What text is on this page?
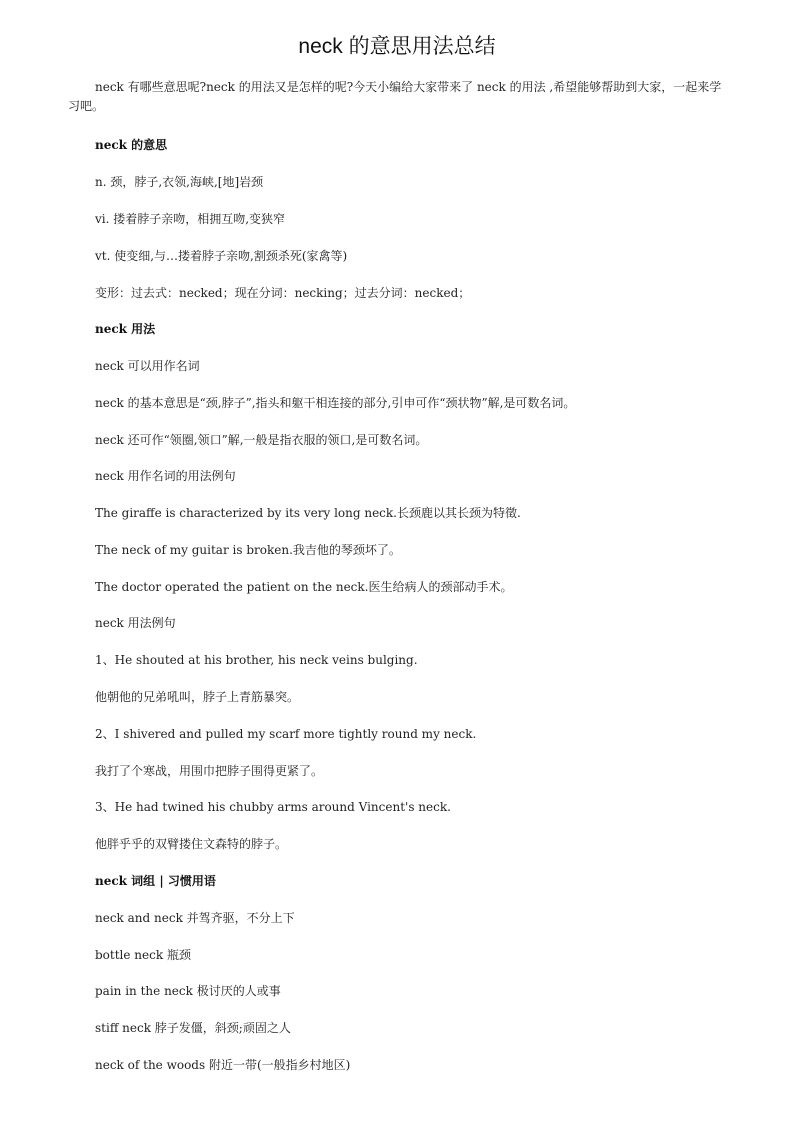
neck 的意思用法总结
neck 有哪些意思呢?neck 的用法又是怎样的呢?今天小编给大家带来了 neck 的用法 ,希望能够帮助到大家，一起来学习吧。
neck 的意思
n. 颈，脖子,衣领,海峡,[地]岩颈
vi. 搂着脖子亲吻，相拥互吻,变狭窄
vt. 使变细,与…搂着脖子亲吻,割颈杀死(家禽等)
变形：过去式：necked；现在分词：necking；过去分词：necked；
neck 用法
neck 可以用作名词
neck 的基本意思是“颈,脖子”,指头和躯干相连接的部分,引申可作“颈状物”解,是可数名词。
neck 还可作“领圈,领口”解,一般是指衣服的领口,是可数名词。
neck 用作名词的用法例句
The giraffe is characterized by its very long neck.长颈鹿以其长颈为特徵.
The neck of my guitar is broken.我吉他的琴颈坏了。
The doctor operated the patient on the neck.医生给病人的颈部动手术。
neck 用法例句
1、He shouted at his brother, his neck veins bulging.
他朝他的兄弟吼叫，脖子上青筋暴突。
2、I shivered and pulled my scarf more tightly round my neck.
我打了个寒战，用围巾把脖子围得更紧了。
3、He had twined his chubby arms around Vincent's neck.
他胖乎乎的双臂搂住文森特的脖子。
neck 词组 | 习惯用语
neck and neck 并驾齐驱，不分上下
bottle neck 瓶颈
pain in the neck 极讨厌的人或事
stiff neck 脖子发僵，斜颈;顽固之人
neck of the woods 附近一带(一般指乡村地区)
